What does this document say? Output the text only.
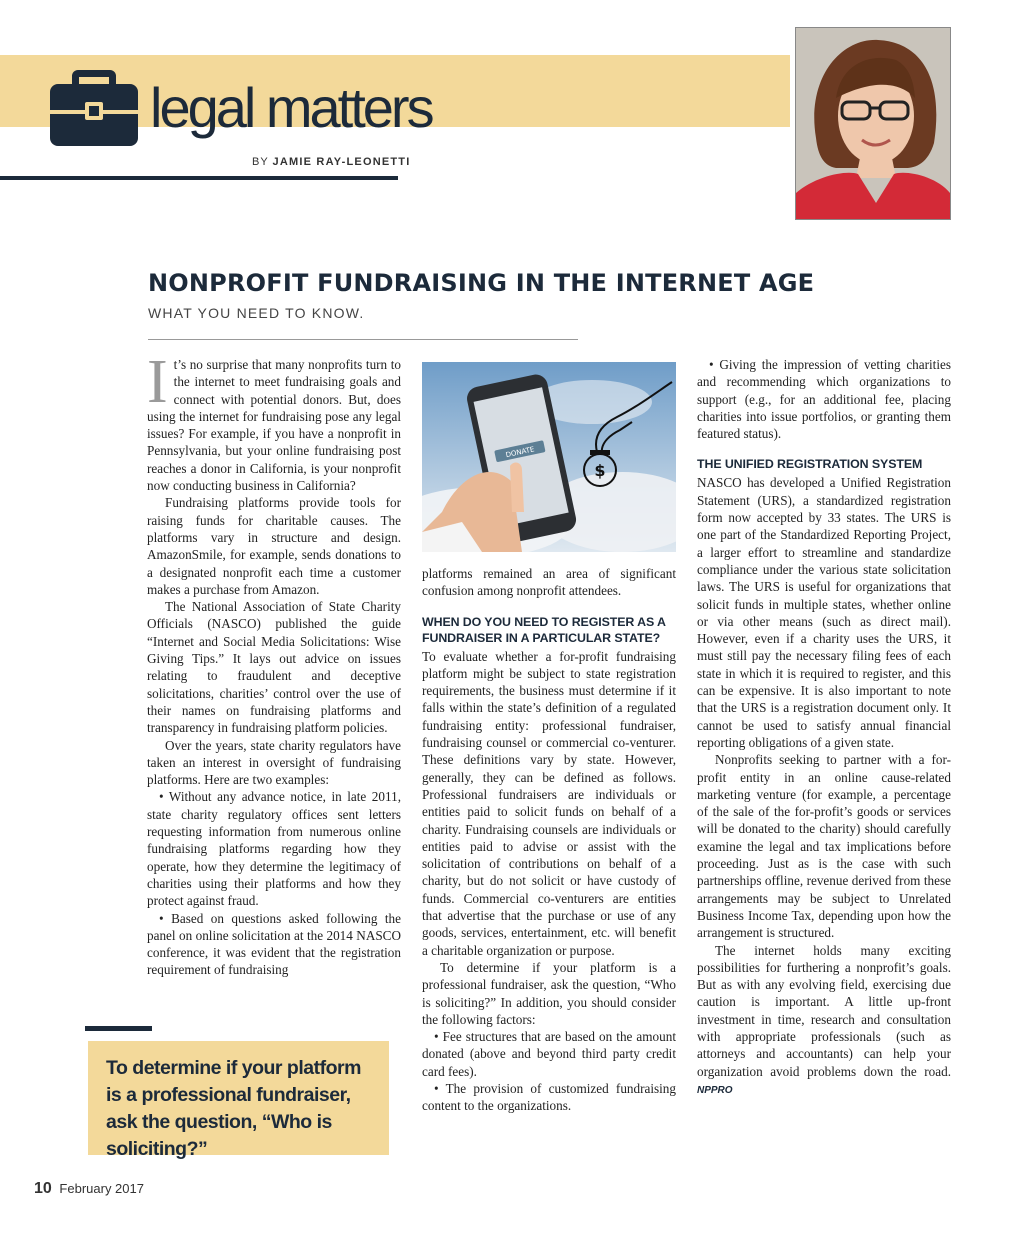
legal matters
BY JAMIE RAY-LEONETTI
NONPROFIT FUNDRAISING IN THE INTERNET AGE
WHAT YOU NEED TO KNOW.

It’s no surprise that many nonprofits turn to the internet to meet fundraising goals and connect with potential donors. But, does using the internet for fundraising pose any legal issues? For example, if you have a nonprofit in Pennsylvania, but your online fundraising post reaches a donor in California, is your nonprofit now conducting business in California?

Fundraising platforms provide tools for raising funds for charitable causes. The platforms vary in structure and design. AmazonSmile, for example, sends donations to a designated nonprofit each time a customer makes a purchase from Amazon.

The National Association of State Charity Officials (NASCO) published the guide “Internet and Social Media Solicitations: Wise Giving Tips.” It lays out advice on issues relating to fraudulent and deceptive solicitations, charities’ control over the use of their names on fundraising platforms and transparency in fundraising platform policies.

Over the years, state charity regulators have taken an interest in oversight of fundraising platforms. Here are two examples:

• Without any advance notice, in late 2011, state charity regulatory offices sent letters requesting information from numerous online fundraising platforms regarding how they operate, how they determine the legitimacy of charities using their platforms and how they protect against fraud.

• Based on questions asked following the panel on online solicitation at the 2014 NASCO conference, it was evident that the registration requirement of fundraising

DONATE
$

platforms remained an area of significant confusion among nonprofit attendees.

WHEN DO YOU NEED TO REGISTER AS A FUNDRAISER IN A PARTICULAR STATE?

To evaluate whether a for-profit fundraising platform might be subject to state registration requirements, the business must determine if it falls within the state’s definition of a regulated fundraising entity: professional fundraiser, fundraising counsel or commercial co-venturer. These definitions vary by state. However, generally, they can be defined as follows. Professional fundraisers are individuals or entities paid to solicit funds on behalf of a charity. Fundraising counsels are individuals or entities paid to advise or assist with the solicitation of contributions on behalf of a charity, but do not solicit or have custody of funds. Commercial co-venturers are entities that advertise that the purchase or use of any goods, services, entertainment, etc. will benefit a charitable organization or purpose.

To determine if your platform is a professional fundraiser, ask the question, “Who is soliciting?” In addition, you should consider the following factors:

• Fee structures that are based on the amount donated (above and beyond third party credit card fees).

• The provision of customized fundraising content to the organizations.

• Giving the impression of vetting charities and recommending which organizations to support (e.g., for an additional fee, placing charities into issue portfolios, or granting them featured status).

THE UNIFIED REGISTRATION SYSTEM

NASCO has developed a Unified Registration Statement (URS), a standardized registration form now accepted by 33 states. The URS is one part of the Standardized Reporting Project, a larger effort to streamline and standardize compliance under the various state solicitation laws. The URS is useful for organizations that solicit funds in multiple states, whether online or via other means (such as direct mail). However, even if a charity uses the URS, it must still pay the necessary filing fees of each state in which it is required to register, and this can be expensive. It is also important to note that the URS is a registration document only. It cannot be used to satisfy annual financial reporting obligations of a given state.

Nonprofits seeking to partner with a for-profit entity in an online cause-related marketing venture (for example, a percentage of the sale of the for-profit’s goods or services will be donated to the charity) should carefully examine the legal and tax implications before proceeding. Just as is the case with such partnerships offline, revenue derived from these arrangements may be subject to Unrelated Business Income Tax, depending upon how the arrangement is structured.

The internet holds many exciting possibilities for furthering a nonprofit’s goals. But as with any evolving field, exercising due caution is important. A little up-front investment in time, research and consultation with appropriate professionals (such as attorneys and accountants) can help your organization avoid problems down the road. NPPRO

To determine if your platform is a professional fundraiser, ask the question, “Who is soliciting?”
10 February 2017
